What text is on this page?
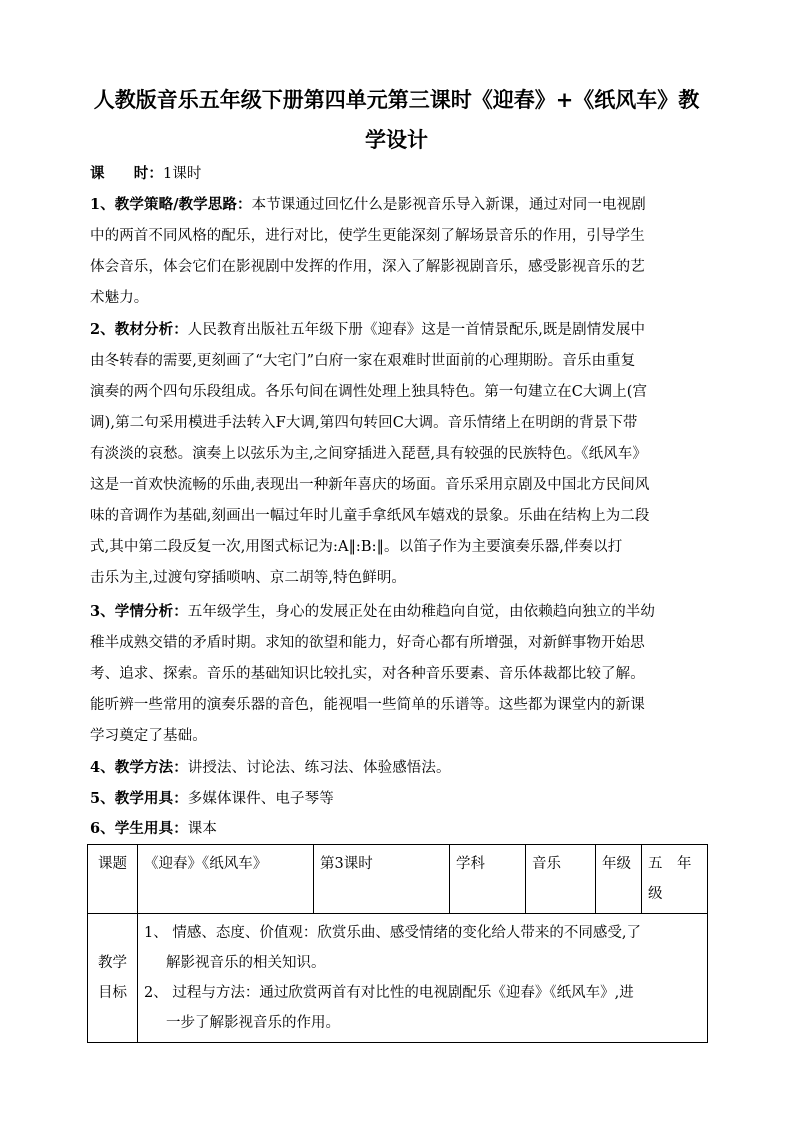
人教版音乐五年级下册第四单元第三课时《迎春》+《纸风车》教
学设计
课　　时：1课时
1、教学策略/教学思路：本节课通过回忆什么是影视音乐导入新课，通过对同一电视剧
中的两首不同风格的配乐，进行对比，使学生更能深刻了解场景音乐的作用，引导学生
体会音乐，体会它们在影视剧中发挥的作用，深入了解影视剧音乐，感受影视音乐的艺
术魅力。
2、教材分析：人民教育出版社五年级下册《迎春》这是一首情景配乐,既是剧情发展中
由冬转春的需要,更刻画了“大宅门”白府一家在艰难时世面前的心理期盼。音乐由重复
演奏的两个四句乐段组成。各乐句间在调性处理上独具特色。第一句建立在C大调上(宫
调),第二句采用模进手法转入F大调,第四句转回C大调。音乐情绪上在明朗的背景下带
有淡淡的哀愁。演奏上以弦乐为主,之间穿插进入琵琶,具有较强的民族特色。《纸风车》
这是一首欢快流畅的乐曲,表现出一种新年喜庆的场面。音乐采用京剧及中国北方民间风
味的音调作为基础,刻画出一幅过年时儿童手拿纸风车嬉戏的景象。乐曲在结构上为二段
式,其中第二段反复一次,用图式标记为:A‖:B:‖。以笛子作为主要演奏乐器,伴奏以打
击乐为主,过渡句穿插唢呐、京二胡等,特色鲜明。
3、学情分析：五年级学生，身心的发展正处在由幼稚趋向自觉，由依赖趋向独立的半幼
稚半成熟交错的矛盾时期。求知的欲望和能力，好奇心都有所增强，对新鲜事物开始思
考、追求、探索。音乐的基础知识比较扎实，对各种音乐要素、音乐体裁都比较了解。
能听辨一些常用的演奏乐器的音色，能视唱一些简单的乐谱等。这些都为课堂内的新课
学习奠定了基础。
4、教学方法：讲授法、讨论法、练习法、体验感悟法。
5、教学用具：多媒体课件、电子琴等
6、学生用具：课本
课题	《迎春》《纸风车》	第3课时	学科	音乐	年级	五　年
级

教学
目标	1、 情感、态度、价值观：欣赏乐曲、感受情绪的变化给人带来的不同感受,了
解影视音乐的相关知识。
2、 过程与方法：通过欣赏两首有对比性的电视剧配乐《迎春》《纸风车》,进
一步了解影视音乐的作用。					
